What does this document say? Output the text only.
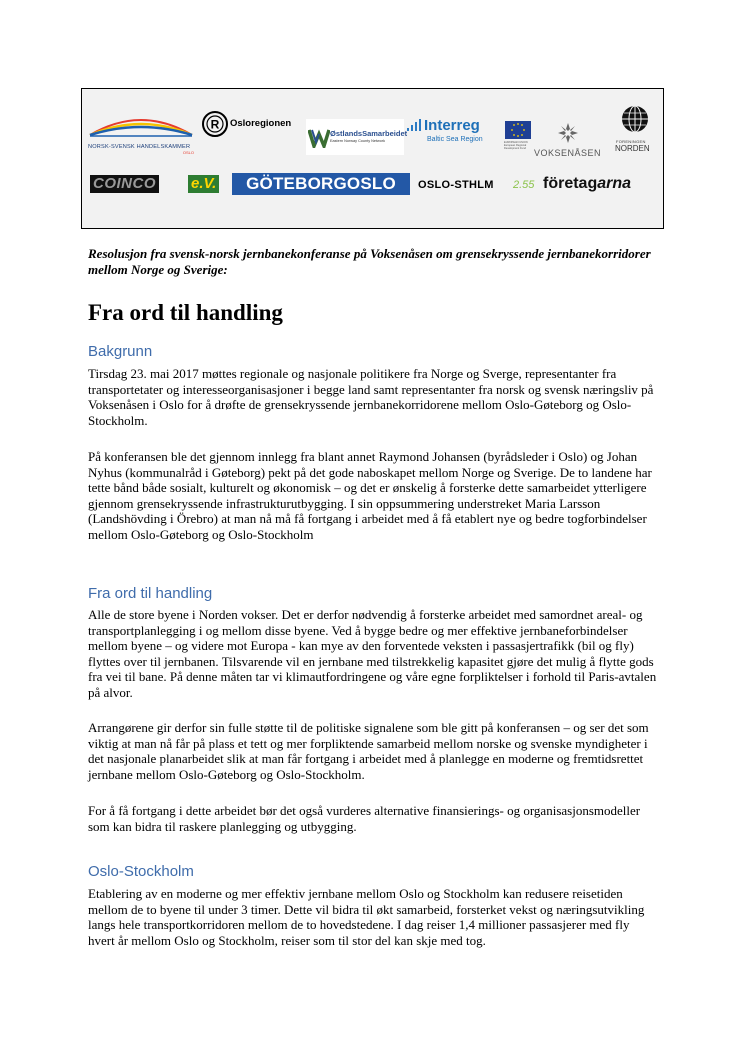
NORSK-SVENSK HANDELSKAMMER
OSLO
R Osloregionen
ØstlandsSamarbeidet
Eastern Norway County Network
Interreg
Baltic Sea Region	EUROPEAN UNION European Regional Development Fund VOKSENÅSEN
FORENINGEN
NORDEN
COINCO e.V.	GÖTEBORGOSLO	OSLO-STHLM 2.55 företagarna

Resolusjon fra svensk-norsk jernbanekonferanse på Voksenåsen om grensekryssende jernbanekorridorer mellom Norge og Sverige:

Fra ord til handling
Bakgrunn

Tirsdag 23. mai 2017 møttes regionale og nasjonale politikere fra Norge og Sverge, representanter fra transportetater og interesseorganisasjoner i begge land samt representanter fra norsk og svensk næringsliv på Voksenåsen i Oslo for å drøfte de grensekryssende jernbanekorridorene mellom Oslo-Gøteborg og Oslo-Stockholm.

På konferansen ble det gjennom innlegg fra blant annet Raymond Johansen (byrådsleder i Oslo) og Johan Nyhus (kommunalråd i Gøteborg) pekt på det gode naboskapet mellom Norge og Sverige. De to landene har tette bånd både sosialt, kulturelt og økonomisk – og det er ønskelig å forsterke dette samarbeidet ytterligere gjennom grensekryssende infrastrukturutbygging. I sin oppsummering understreket Maria Larsson (Landshövding i Örebro) at man nå må få fortgang i arbeidet med å få etablert nye og bedre togforbindelser mellom Oslo-Gøteborg og Oslo-Stockholm

Fra ord til handling

Alle de store byene i Norden vokser. Det er derfor nødvendig å forsterke arbeidet med samordnet areal- og transportplanlegging i og mellom disse byene. Ved å bygge bedre og mer effektive jernbaneforbindelser mellom byene – og videre mot Europa - kan mye av den forventede veksten i passasjertrafikk (bil og fly) flyttes over til jernbanen. Tilsvarende vil en jernbane med tilstrekkelig kapasitet gjøre det mulig å flytte gods fra vei til bane. På denne måten tar vi klimautfordringene og våre egne forpliktelser i forhold til Paris-avtalen på alvor.

Arrangørene gir derfor sin fulle støtte til de politiske signalene som ble gitt på konferansen – og ser det som viktig at man nå får på plass et tett og mer forpliktende samarbeid mellom norske og svenske myndigheter i det nasjonale planarbeidet slik at man får fortgang i arbeidet med å planlegge en moderne og fremtidsrettet jernbane mellom Oslo-Gøteborg og Oslo-Stockholm.

For å få fortgang i dette arbeidet bør det også vurderes alternative finansierings- og organisasjonsmodeller som kan bidra til raskere planlegging og utbygging.

Oslo-Stockholm

Etablering av en moderne og mer effektiv jernbane mellom Oslo og Stockholm kan redusere reisetiden mellom de to byene til under 3 timer. Dette vil bidra til økt samarbeid, forsterket vekst og næringsutvikling langs hele transportkorridoren mellom de to hovedstedene. I dag reiser 1,4 millioner passasjerer med fly hvert år mellom Oslo og Stockholm, reiser som til stor del kan skje med tog.
